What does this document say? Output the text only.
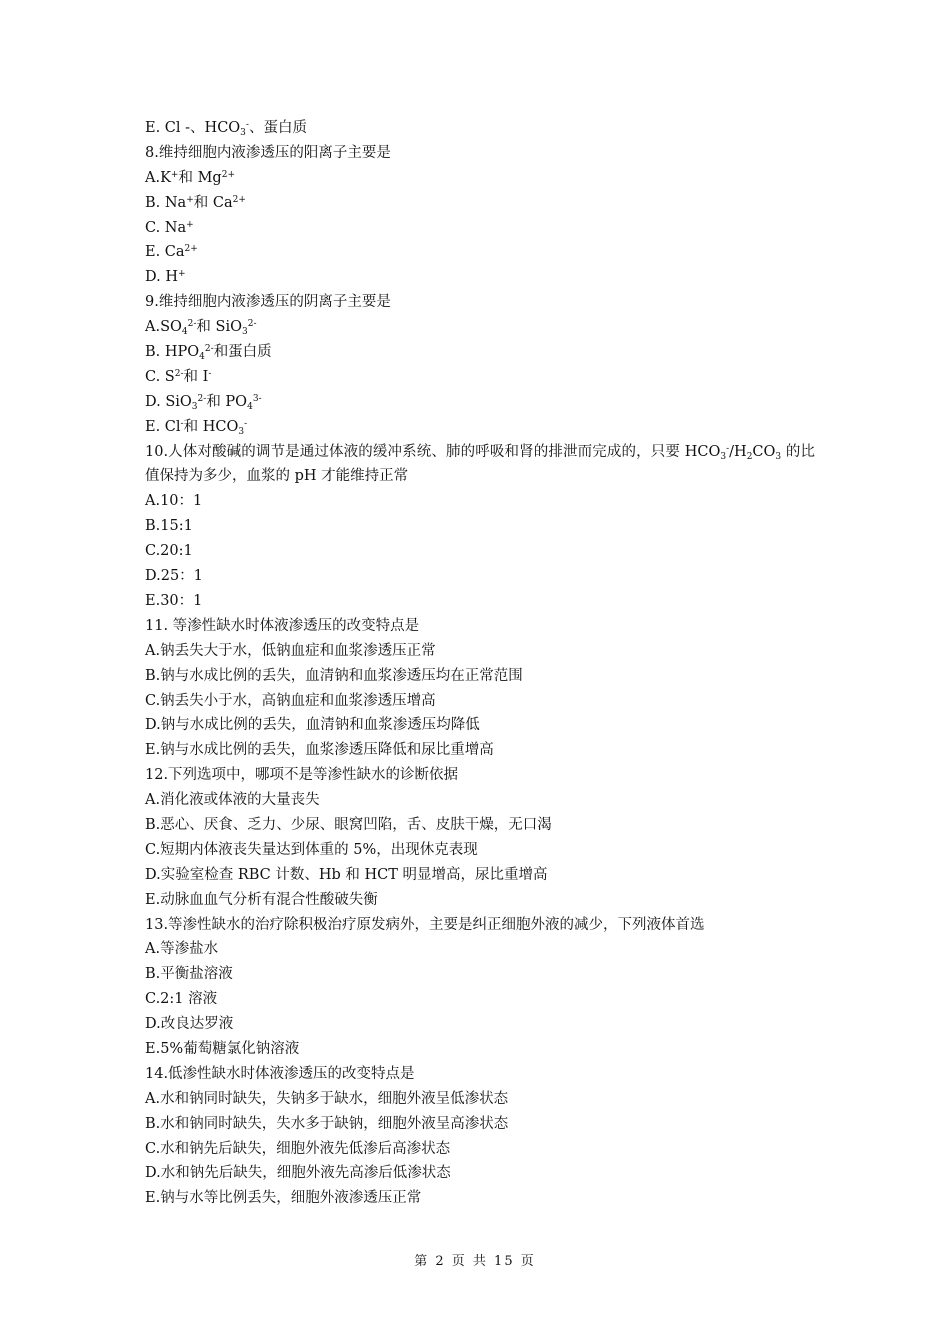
E. Cl -、$HCO_3^-$、蛋白质
8.维持细胞内液渗透压的阳离子主要是
A.K+和 $Mg^{2+}$
B. Na+和 $Ca^{2+}$
C. Na+
E. $Ca^{2+}$
D. H+
9.维持细胞内液渗透压的阴离子主要是
$A.SO_4^{2-}$和 SiO$_3^{2-}$
B. $HPO_4^{2-}$和蛋白质
C. $S^{2-}$和 I-
D. SiO$_3^{2-}$和 $PO_4^{3-}$
E. Cl-和 $HCO_3^-$
10.人体对酸碱的调节是通过体液的缓冲系统、肺的呼吸和肾的排泄而完成的，只要 $HCO_3^-/H_2CO_3$ 的比值保持为多少，血浆的 pH 才能维持正常
A.10：1
B.15:1
C.20:1
D.25：1
E.30：1
11. 等渗性缺水时体液渗透压的改变特点是
A.钠丢失大于水，低钠血症和血浆渗透压正常
B.钠与水成比例的丢失，血清钠和血浆渗透压均在正常范围
C.钠丢失小于水，高钠血症和血浆渗透压增高
D.钠与水成比例的丢失，血清钠和血浆渗透压均降低
E.钠与水成比例的丢失，血浆渗透压降低和尿比重增高
12.下列选项中，哪项不是等渗性缺水的诊断依据
A.消化液或体液的大量丧失
B.恶心、厌食、乏力、少尿、眼窝凹陷，舌、皮肤干燥，无口渴
C.短期内体液丧失量达到体重的 5%，出现休克表现
D.实验室检查 RBC 计数、Hb 和 HCT 明显增高，尿比重增高
E.动脉血血气分析有混合性酸破失衡
13.等渗性缺水的治疗除积极治疗原发病外，主要是纠正细胞外液的减少，下列液体首选
A.等渗盐水
B.平衡盐溶液
C.2:1 溶液
D.改良达罗液
E.5%葡萄糖氯化钠溶液
14.低渗性缺水时体液渗透压的改变特点是
A.水和钠同时缺失，失钠多于缺水，细胞外液呈低渗状态
B.水和钠同时缺失，失水多于缺钠，细胞外液呈高渗状态
C.水和钠先后缺失，细胞外液先低渗后高渗状态
D.水和钠先后缺失，细胞外液先高渗后低渗状态
E.钠与水等比例丢失，细胞外液渗透压正常
第 2 页 共 15 页
